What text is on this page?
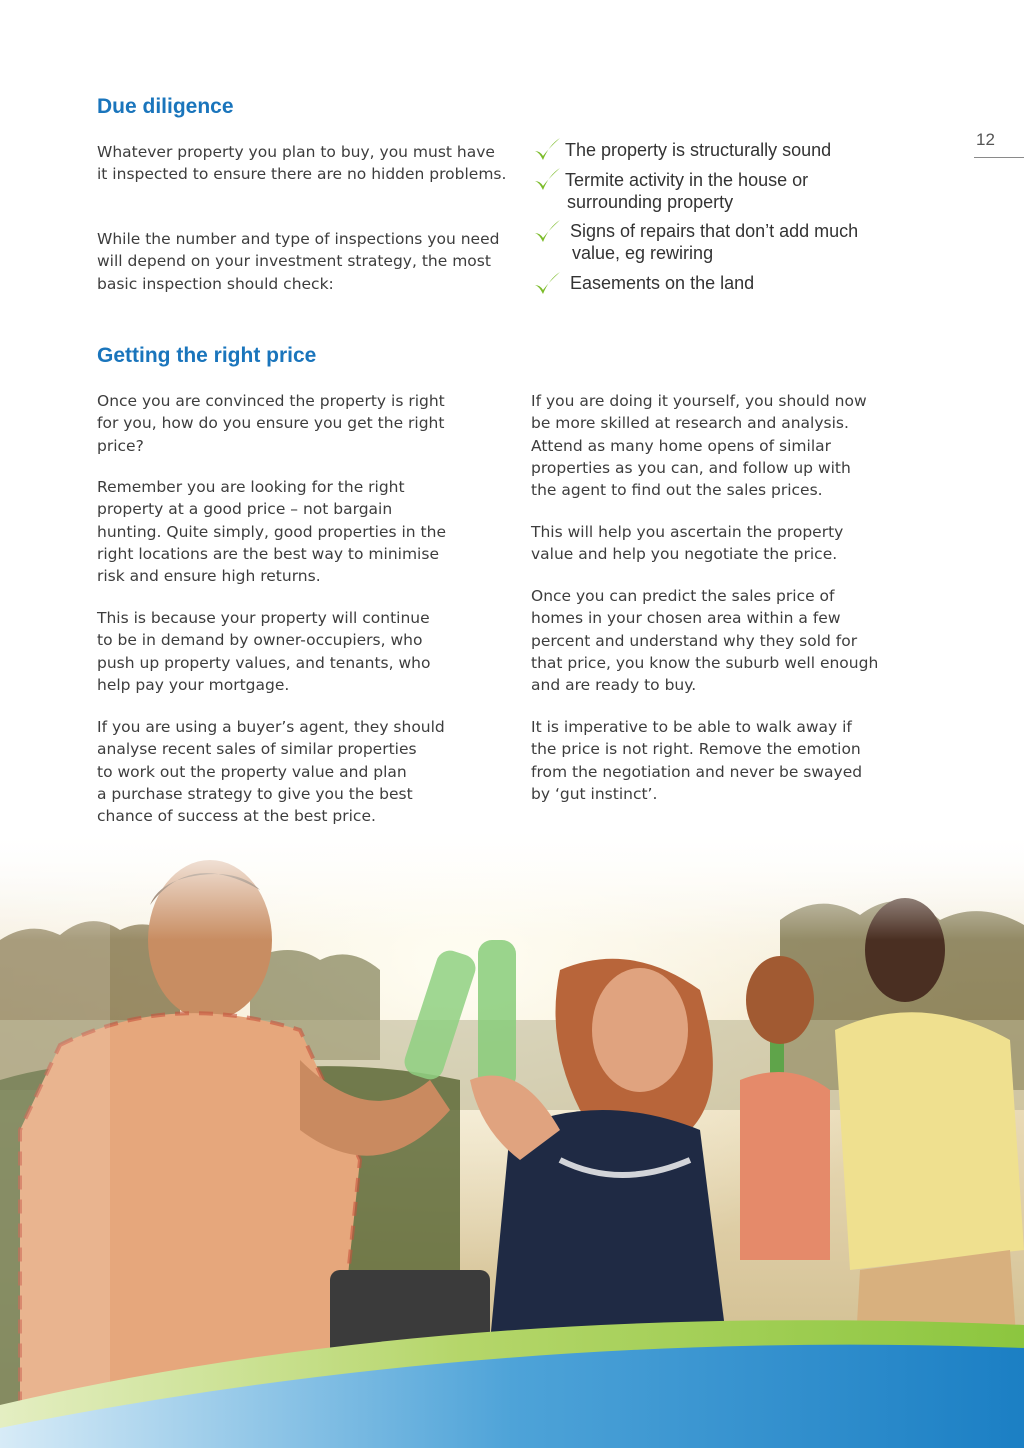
12
Due diligence
Whatever property you plan to buy, you must have it inspected to ensure there are no hidden problems.
While the number and type of inspections you need will depend on your investment strategy, the most basic inspection should check:
The property is structurally sound
Termite activity in the house or
surrounding property
Signs of repairs that don’t add much
value, eg rewiring
Easements on the land
Getting the right price
Once you are convinced the property is right
for you, how do you ensure you get the right
price?
Remember you are looking for the right
property at a good price – not bargain
hunting. Quite simply, good properties in the
right locations are the best way to minimise
risk and ensure high returns.
This is because your property will continue
to be in demand by owner-occupiers, who
push up property values, and tenants, who
help pay your mortgage.
If you are using a buyer’s agent, they should
analyse recent sales of similar properties
to work out the property value and plan
a purchase strategy to give you the best
chance of success at the best price.
If you are doing it yourself, you should now
be more skilled at research and analysis.
Attend as many home opens of similar
properties as you can, and follow up with
the agent to find out the sales prices.
This will help you ascertain the property
value and help you negotiate the price.
Once you can predict the sales price of
homes in your chosen area within a few
percent and understand why they sold for
that price, you know the suburb well enough
and are ready to buy.
It is imperative to be able to walk away if
the price is not right. Remove the emotion
from the negotiation and never be swayed
by ‘gut instinct’.
